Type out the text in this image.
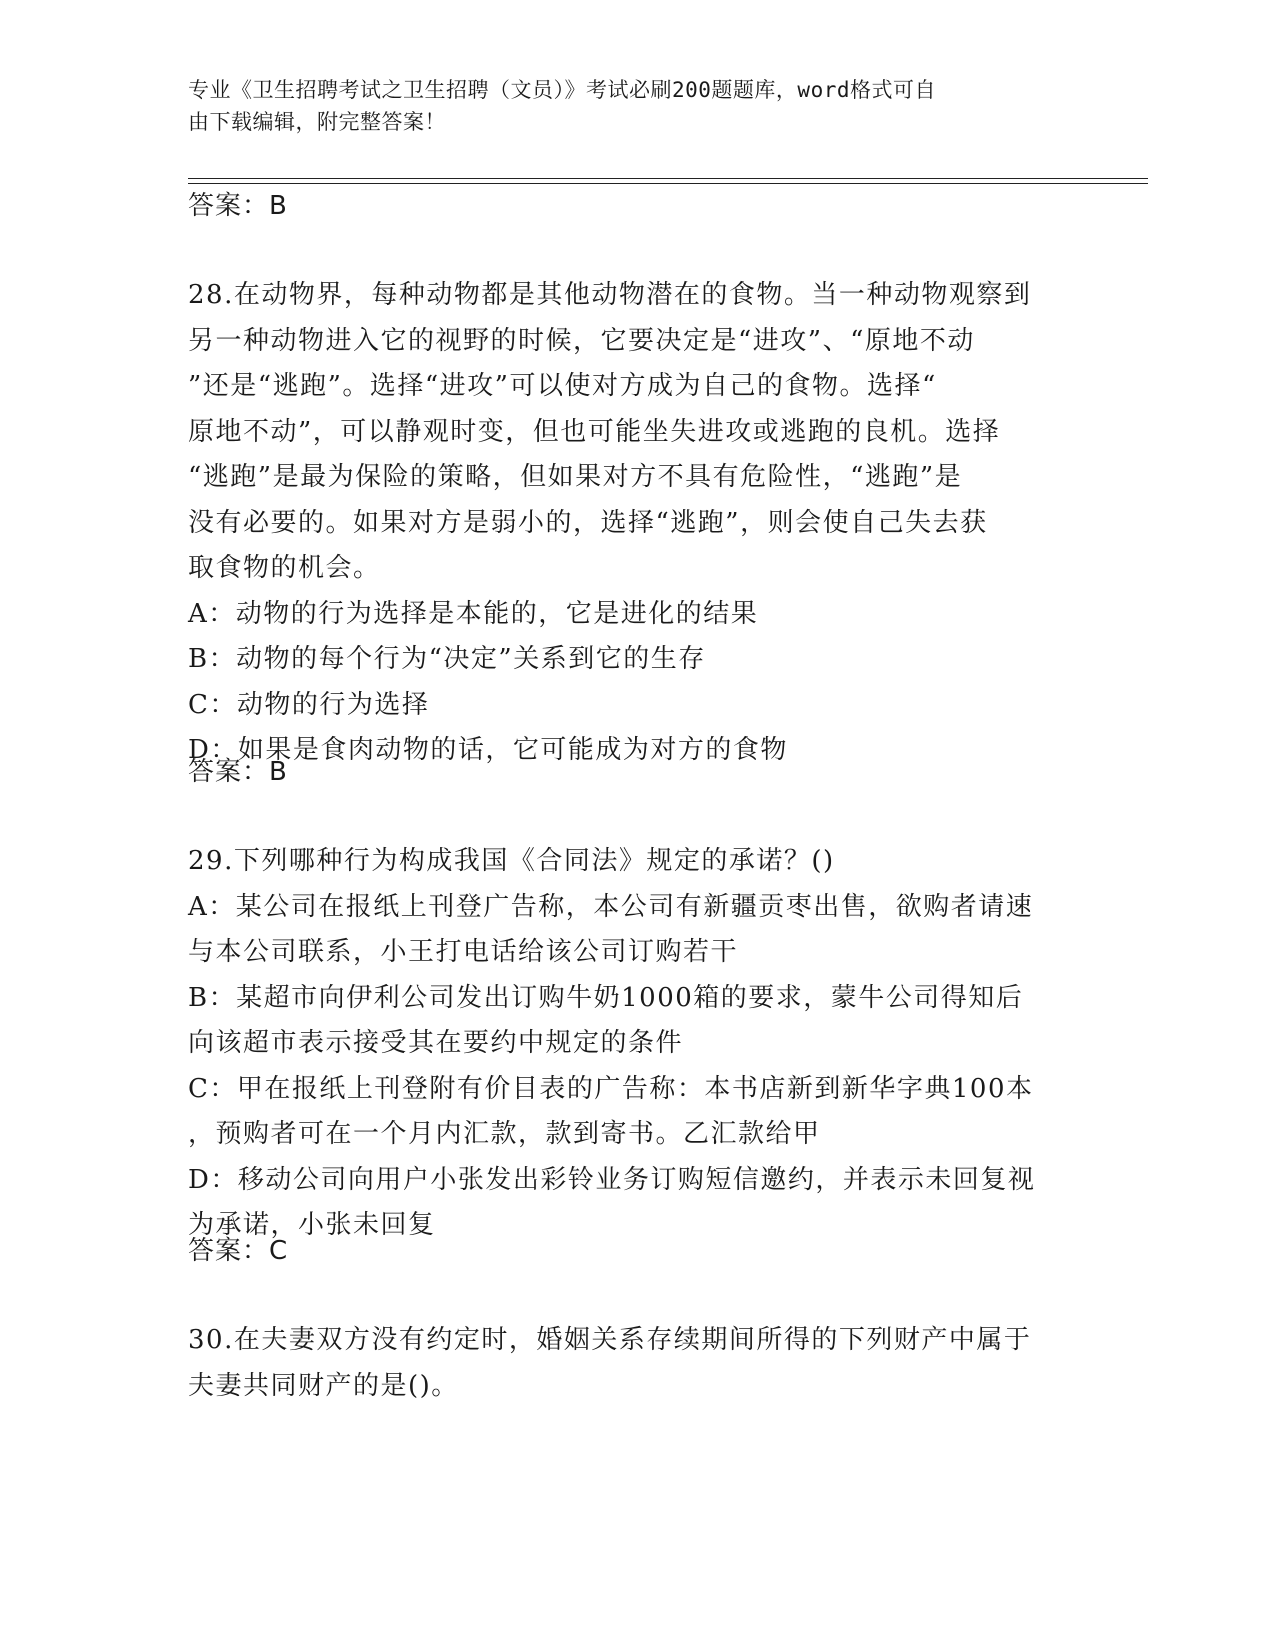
专业《卫生招聘考试之卫生招聘（文员）》考试必刷200题题库，word格式可自
由下载编辑，附完整答案！
答案：B
28.在动物界，每种动物都是其他动物潜在的食物。当一种动物观察到
另一种动物进入它的视野的时候，它要决定是“进攻”、“原地不动
”还是“逃跑”。选择“进攻”可以使对方成为自己的食物。选择“
原地不动”，可以静观时变，但也可能坐失进攻或逃跑的良机。选择
“逃跑”是最为保险的策略，但如果对方不具有危险性，“逃跑”是
没有必要的。如果对方是弱小的，选择“逃跑”，则会使自己失去获
取食物的机会。
A：动物的行为选择是本能的，它是进化的结果
B：动物的每个行为“决定”关系到它的生存
C：动物的行为选择
D：如果是食肉动物的话，它可能成为对方的食物
答案：B
29.下列哪种行为构成我国《合同法》规定的承诺？()
A：某公司在报纸上刊登广告称，本公司有新疆贡枣出售，欲购者请速
与本公司联系，小王打电话给该公司订购若干
B：某超市向伊利公司发出订购牛奶1000箱的要求，蒙牛公司得知后
向该超市表示接受其在要约中规定的条件
C：甲在报纸上刊登附有价目表的广告称：本书店新到新华字典100本
，预购者可在一个月内汇款，款到寄书。乙汇款给甲
D：移动公司向用户小张发出彩铃业务订购短信邀约，并表示未回复视
为承诺，小张未回复
答案：C
30.在夫妻双方没有约定时，婚姻关系存续期间所得的下列财产中属于
夫妻共同财产的是()。
